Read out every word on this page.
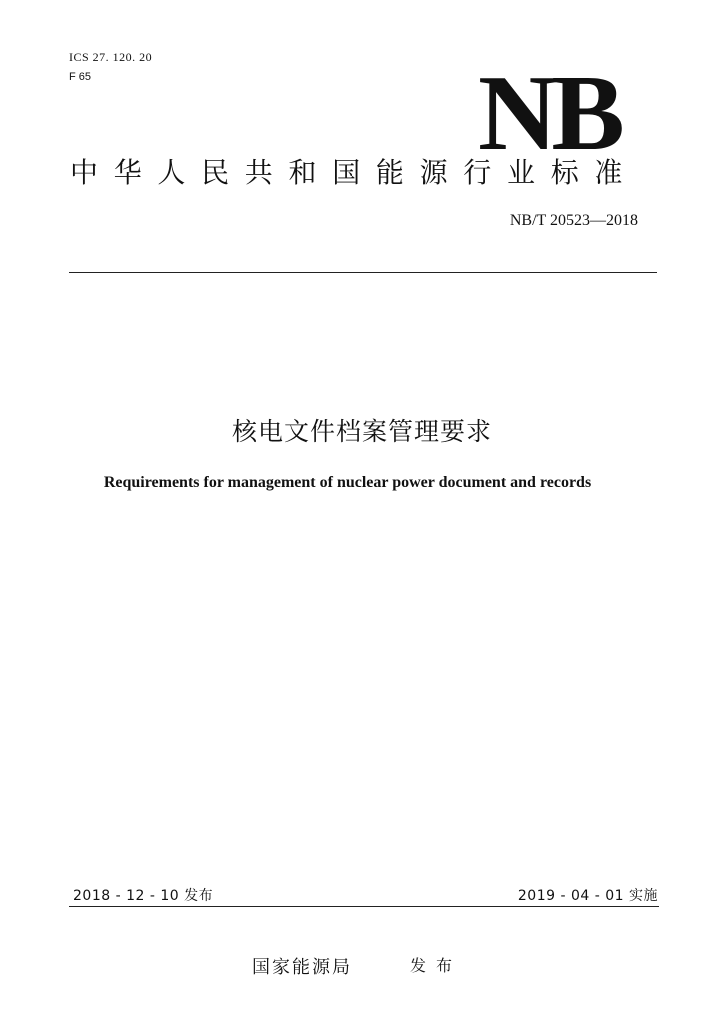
ICS 27. 120. 20
F 65	NB
中华人民共和国能源行业标准
NB/T 20523—2018
核电文件档案管理要求
Requirements for management of nuclear power document and records
2018 - 12 - 10 发布	2019 - 04 - 01 实施
国家能源局	发布
